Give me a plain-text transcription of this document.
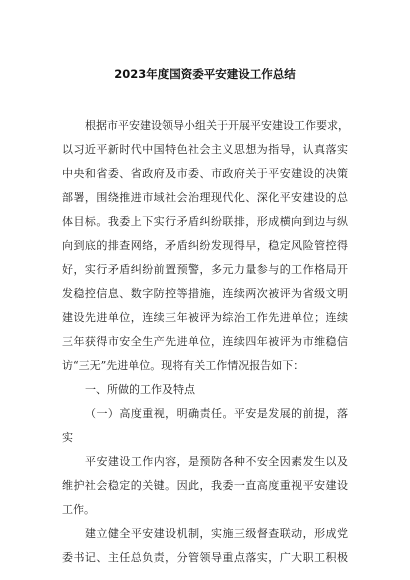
2023年度国资委平安建设工作总结
根据市平安建设领导小组关于开展平安建设工作要求，
以习近平新时代中国特色社会主义思想为指导，认真落实
中央和省委、省政府及市委、市政府关于平安建设的决策
部署，围绕推进市域社会治理现代化、深化平安建设的总
体目标。我委上下实行矛盾纠纷联排，形成横向到边与纵
向到底的排查网络，矛盾纠纷发现得早，稳定风险管控得
好，实行矛盾纠纷前置预警，多元力量参与的工作格局开
发稳控信息、数字防控等措施，连续两次被评为省级文明
建设先进单位，连续三年被评为综治工作先进单位；连续
三年获得市安全生产先进单位，连续四年被评为市维稳信
访“三无”先进单位。现将有关工作情况报告如下：
一、所做的工作及特点
（一）高度重视，明确责任。平安是发展的前提，落
实
平安建设工作内容，是预防各种不安全因素发生以及
维护社会稳定的关键。因此，我委一直高度重视平安建设
工作。
建立健全平安建设机制，实施三级督查联动，形成党
委书记、主任总负责，分管领导重点落实，广大职工积极
